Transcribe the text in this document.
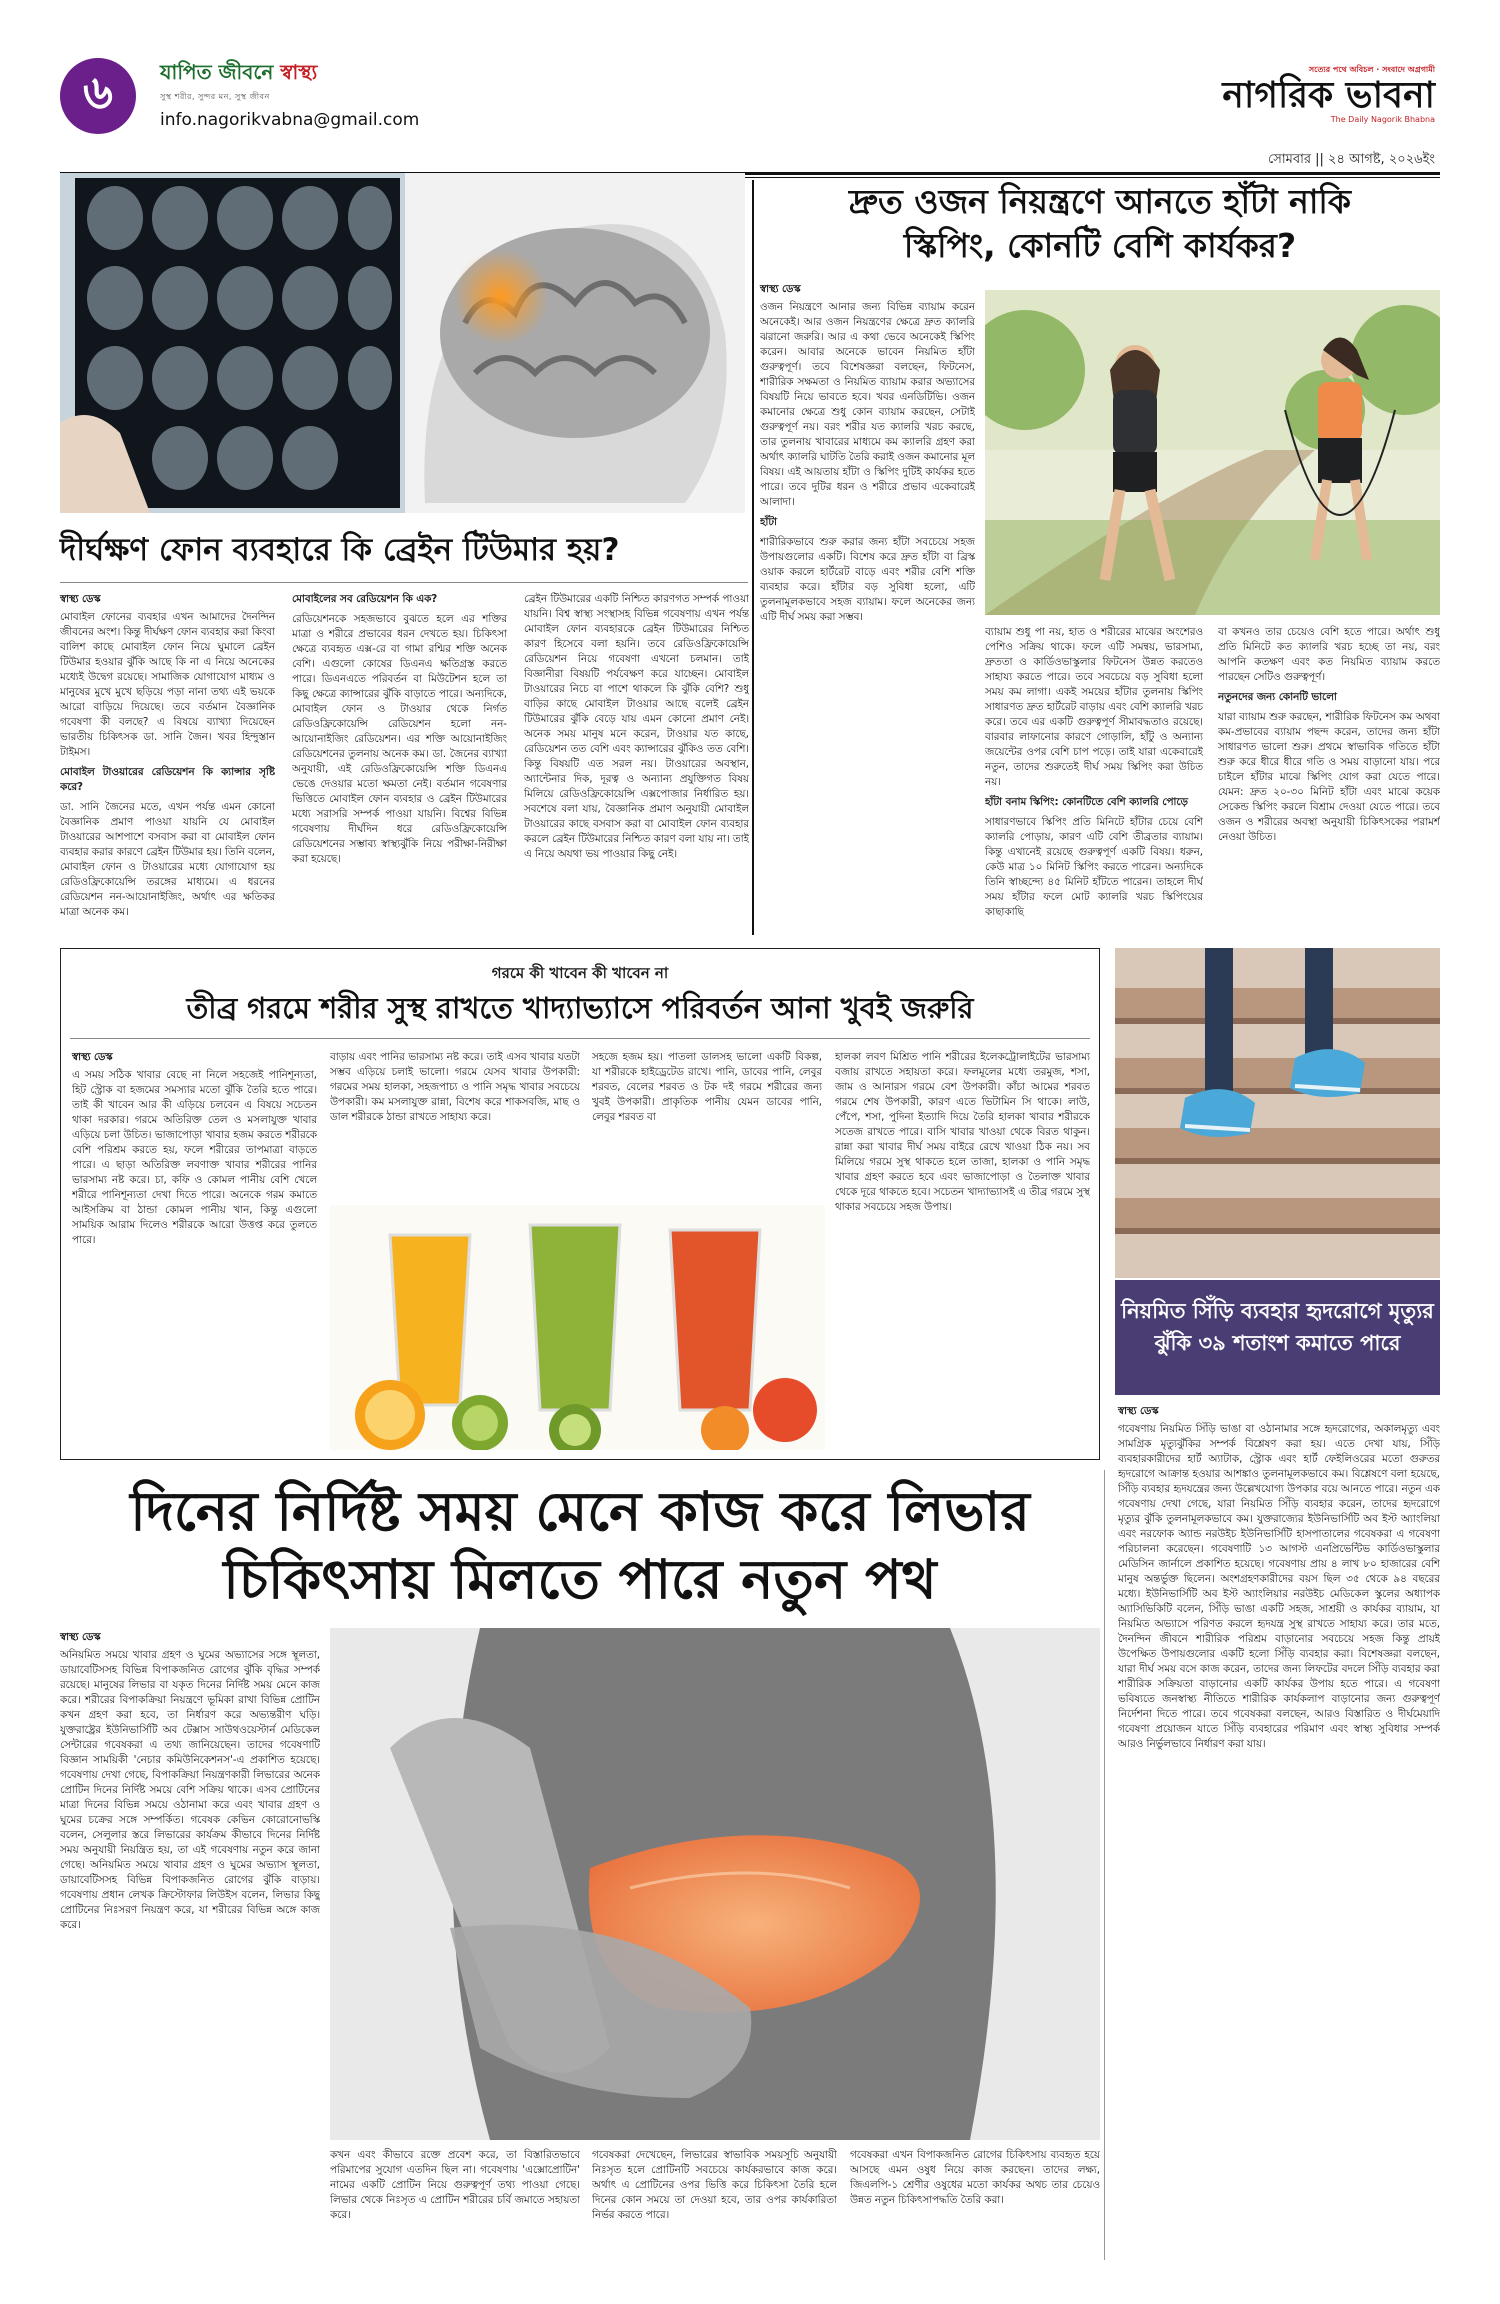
৬	যাপিত জীবনে স্বাস্থ্য
সুস্থ শরীর, সুন্দর মন, সুস্থ জীবন
info.nagorikvabna@gmail.com
সত্যের পথে অবিচল · সংবাদে অগ্রগামী
নাগরিক ভাবনা
The Daily Nagorik Bhabna
সোমবার || ২৪ আগষ্ট, ২০২৬ইং
দীর্ঘক্ষণ ফোন ব্যবহারে কি ব্রেইন টিউমার হয়?
স্বাস্থ্য ডেস্ক

মোবাইল ফোনের ব্যবহার এখন আমাদের দৈনন্দিন জীবনের অংশ। কিন্তু দীর্ঘক্ষণ ফোন ব্যবহার করা কিংবা বালিশ কাছে মোবাইল ফোন নিয়ে ঘুমালে ব্রেইন টিউমার হওয়ার ঝুঁকি আছে কি না এ নিয়ে অনেকের মধ্যেই উদ্বেগ রয়েছে। সামাজিক যোগাযোগ মাধ্যম ও মানুষের মুখে মুখে ছড়িয়ে পড়া নানা তথ্য এই ভয়কে আরো বাড়িয়ে দিয়েছে। তবে বর্তমান বৈজ্ঞানিক গবেষণা কী বলছে? এ বিষয়ে ব্যাখ্যা দিয়েছেন ভারতীয় চিকিৎসক ডা. সানি জৈন। খবর হিন্দুস্তান টাইমস।

মোবাইল টাওয়ারের রেডিয়েশন কি ক্যান্সার সৃষ্টি করে?

ডা. সানি জৈনের মতে, এখন পর্যন্ত এমন কোনো বৈজ্ঞানিক প্রমাণ পাওয়া যায়নি যে মোবাইল টাওয়ারের আশপাশে বসবাস করা বা মোবাইল ফোন ব্যবহার করার কারণে ব্রেইন টিউমার হয়। তিনি বলেন, মোবাইল ফোন ও টাওয়ারের মধ্যে যোগাযোগ হয় রেডিওফ্রিকোয়েন্সি তরঙ্গের মাধ্যমে। এ ধরনের রেডিয়েশন নন-আয়োনাইজিং, অর্থাৎ এর ক্ষতিকর মাত্রা অনেক কম।

মোবাইলের সব রেডিয়েশন কি এক?

রেডিয়েশনকে সহজভাবে বুঝতে হলে এর শক্তির মাত্রা ও শরীরে প্রভাবের ধরন দেখতে হয়। চিকিৎসা ক্ষেত্রে ব্যবহৃত এক্স-রে বা গামা রশ্মির শক্তি অনেক বেশি। এগুলো কোষের ডিএনএ ক্ষতিগ্রস্ত করতে পারে। ডিএনএতে পরিবর্তন বা মিউটেশন হলে তা কিছু ক্ষেত্রে ক্যান্সারের ঝুঁকি বাড়াতে পারে। অন্যদিকে, মোবাইল ফোন ও টাওয়ার থেকে নির্গত রেডিওফ্রিকোয়েন্সি রেডিয়েশন হলো নন-আয়োনাইজিং রেডিয়েশন। এর শক্তি আয়োনাইজিং রেডিয়েশনের তুলনায় অনেক কম। ডা. জৈনের ব্যাখ্যা অনুযায়ী, এই রেডিওফ্রিকোয়েন্সি শক্তি ডিএনএ ভেঙে দেওয়ার মতো ক্ষমতা নেই। বর্তমান গবেষণার ভিত্তিতে মোবাইল ফোন ব্যবহার ও ব্রেইন টিউমারের মধ্যে সরাসরি সম্পর্ক পাওয়া যায়নি। বিশ্বের বিভিন্ন গবেষণায় দীর্ঘদিন ধরে রেডিওফ্রিকোয়েন্সি রেডিয়েশনের সম্ভাব্য স্বাস্থ্যঝুঁকি নিয়ে পরীক্ষা-নিরীক্ষা করা হয়েছে।

ব্রেইন টিউমারের একটি নিশ্চিত কারণগত সম্পর্ক পাওয়া যায়নি। বিশ্ব স্বাস্থ্য সংস্থাসহ বিভিন্ন গবেষণায় এখন পর্যন্ত মোবাইল ফোন ব্যবহারকে ব্রেইন টিউমারের নিশ্চিত কারণ হিসেবে বলা হয়নি। তবে রেডিওফ্রিকোয়েন্সি রেডিয়েশন নিয়ে গবেষণা এখনো চলমান। তাই বিজ্ঞানীরা বিষয়টি পর্যবেক্ষণ করে যাচ্ছেন। মোবাইল টাওয়ারের নিচে বা পাশে থাকলে কি ঝুঁকি বেশি? শুধু বাড়ির কাছে মোবাইল টাওয়ার আছে বলেই ব্রেইন টিউমারের ঝুঁকি বেড়ে যায় এমন কোনো প্রমাণ নেই। অনেক সময় মানুষ মনে করেন, টাওয়ার যত কাছে, রেডিয়েশন তত বেশি এবং ক্যান্সারের ঝুঁকিও তত বেশি। কিন্তু বিষয়টি এত সরল নয়। টাওয়ারের অবস্থান, অ্যান্টেনার দিক, দূরত্ব ও অন্যান্য প্রযুক্তিগত বিষয় মিলিয়ে রেডিওফ্রিকোয়েন্সি এক্সপোজার নির্ধারিত হয়। সবশেষে বলা যায়, বৈজ্ঞানিক প্রমাণ অনুযায়ী মোবাইল টাওয়ারের কাছে বসবাস করা বা মোবাইল ফোন ব্যবহার করলে ব্রেইন টিউমারের নিশ্চিত কারণ বলা যায় না। তাই এ নিয়ে অযথা ভয় পাওয়ার কিছু নেই।

দ্রুত ওজন নিয়ন্ত্রণে আনতে হাঁটা নাকি
স্কিপিং, কোনটি বেশি কার্যকর?
স্বাস্থ্য ডেস্ক

ওজন নিয়ন্ত্রণে আনার জন্য বিভিন্ন ব্যায়াম করেন অনেকেই। আর ওজন নিয়ন্ত্রণের ক্ষেত্রে দ্রুত ক্যালরি ঝরানো জরুরি। আর এ কথা ভেবে অনেকেই স্কিপিং করেন। আবার অনেকে ভাবেন নিয়মিত হাঁটা গুরুত্বপূর্ণ। তবে বিশেষজ্ঞরা বলছেন, ফিটনেস, শারীরিক সক্ষমতা ও নিয়মিত ব্যায়াম করার অভ্যাসের বিষয়টি নিয়ে ভাবতে হবে। খবর এনডিটিভি। ওজন কমানোর ক্ষেত্রে শুধু কোন ব্যায়াম করছেন, সেটাই গুরুত্বপূর্ণ নয়। বরং শরীর যত ক্যালরি খরচ করছে, তার তুলনায় খাবারের মাধ্যমে কম ক্যালরি গ্রহণ করা অর্থাৎ ক্যালরি ঘাটতি তৈরি করাই ওজন কমানোর মূল বিষয়। এই আয়তায় হাঁটা ও স্কিপিং দুটিই কার্যকর হতে পারে। তবে দুটির ধরন ও শরীরে প্রভাব একেবারেই আলাদা।

হাঁটা

শারীরিকভাবে শুরু করার জন্য হাঁটা সবচেয়ে সহজ উপায়গুলোর একটি। বিশেষ করে দ্রুত হাঁটা বা ব্রিস্ক ওয়াক করলে হার্টরেট বাড়ে এবং শরীর বেশি শক্তি ব্যবহার করে। হাঁটার বড় সুবিধা হলো, এটি তুলনামূলকভাবে সহজ ব্যায়াম। ফলে অনেকের জন্য এটি দীর্ঘ সময় করা সম্ভব।

ব্যায়াম শুধু পা নয়, হাত ও শরীরের মাঝের অংশেরও পেশিও সক্রিয় থাকে। ফলে এটি সমন্বয়, ভারসাম্য, দ্রুততা ও কার্ডিওভাস্কুলার ফিটনেস উন্নত করতেও সাহায্য করতে পারে। তবে সবচেয়ে বড় সুবিধা হলো সময় কম লাগা। একই সময়ের হাঁটার তুলনায় স্কিপিং সাধারণত দ্রুত হার্টরেট বাড়ায় এবং বেশি ক্যালরি খরচ করে। তবে এর একটি গুরুত্বপূর্ণ সীমাবদ্ধতাও রয়েছে। বারবার লাফানোর কারণে গোড়ালি, হাঁটু ও অন্যান্য জয়েন্টের ওপর বেশি চাপ পড়ে। তাই যারা একেবারেই নতুন, তাদের শুরুতেই দীর্ঘ সময় স্কিপিং করা উচিত নয়।

হাঁটা বনাম স্কিপিং: কোনটিতে বেশি ক্যালরি পোড়ে

সাধারণভাবে স্কিপিং প্রতি মিনিটে হাঁটার চেয়ে বেশি ক্যালরি পোড়ায়, কারণ এটি বেশি তীব্রতার ব্যায়াম। কিন্তু এখানেই রয়েছে গুরুত্বপূর্ণ একটি বিষয়। ধরুন, কেউ মাত্র ১০ মিনিট স্কিপিং করতে পারেন। অন্যদিকে তিনি স্বাচ্ছন্দ্যে ৪৫ মিনিট হাঁটতে পারেন। তাহলে দীর্ঘ সময় হাঁটার ফলে মোট ক্যালরি খরচ স্কিপিংয়ের কাছাকাছি

বা কখনও তার চেয়েও বেশি হতে পারে। অর্থাৎ শুধু প্রতি মিনিটে কত ক্যালরি খরচ হচ্ছে তা নয়, বরং আপনি কতক্ষণ এবং কত নিয়মিত ব্যায়াম করতে পারছেন সেটিও গুরুত্বপূর্ণ।

নতুনদের জন্য কোনটি ভালো

যারা ব্যায়াম শুরু করছেন, শারীরিক ফিটনেস কম অথবা কম-প্রভাবের ব্যায়াম পছন্দ করেন, তাদের জন্য হাঁটা সাধারণত ভালো শুরু। প্রথমে স্বাভাবিক গতিতে হাঁটা শুরু করে ধীরে ধীরে গতি ও সময় বাড়ানো যায়। পরে চাইলে হাঁটার মাঝে স্কিপিং যোগ করা যেতে পারে। যেমন: দ্রুত ২০-৩০ মিনিট হাঁটা এবং মাঝে কয়েক সেকেন্ড স্কিপিং করলে বিশ্রাম দেওয়া যেতে পারে। তবে ওজন ও শরীরের অবস্থা অনুযায়ী চিকিৎসকের পরামর্শ নেওয়া উচিত।

গরমে কী খাবেন কী খাবেন না
তীব্র গরমে শরীর সুস্থ রাখতে খাদ্যাভ্যাসে পরিবর্তন আনা খুবই জরুরি
স্বাস্থ্য ডেস্ক

এ সময় সঠিক খাবার বেছে না নিলে সহজেই পানিশূন্যতা, হিট স্ট্রোক বা হজমের সমস্যার মতো ঝুঁকি তৈরি হতে পারে। তাই কী খাবেন আর কী এড়িয়ে চলবেন এ বিষয়ে সচেতন থাকা দরকার। গরমে অতিরিক্ত তেল ও মসলাযুক্ত খাবার এড়িয়ে চলা উচিত। ভাজাপোড়া খাবার হজম করতে শরীরকে বেশি পরিশ্রম করতে হয়, ফলে শরীরের তাপমাত্রা বাড়তে পারে। এ ছাড়া অতিরিক্ত লবণাক্ত খাবার শরীরের পানির ভারসাম্য নষ্ট করে। চা, কফি ও কোমল পানীয় বেশি খেলে শরীরে পানিশূন্যতা দেখা দিতে পারে। অনেকে গরম কমাতে আইসক্রিম বা ঠান্ডা কোমল পানীয় খান, কিন্তু এগুলো সাময়িক আরাম দিলেও শরীরকে আরো উত্তপ্ত করে তুলতে পারে।

বাড়ায় এবং পানির ভারসাম্য নষ্ট করে। তাই এসব খাবার যতটা সম্ভব এড়িয়ে চলাই ভালো। গরমে যেসব খাবার উপকারী: গরমের সময় হালকা, সহজপাচ্য ও পানি সমৃদ্ধ খাবার সবচেয়ে উপকারী। কম মসলাযুক্ত রান্না, বিশেষ করে শাকসবজি, মাছ ও ডাল শরীরকে ঠান্ডা রাখতে সাহায্য করে।

সহজে হজম হয়। পাতলা ডালসহ ভালো একটি বিকল্প, যা শরীরকে হাইড্রেটেড রাখে। পানি, ডাবের পানি, লেবুর শরবত, বেলের শরবত ও টক দই গরমে শরীরের জন্য খুবই উপকারী। প্রাকৃতিক পানীয় যেমন ডাবের পানি, লেবুর শরবত বা

হালকা লবণ মিশ্রিত পানি শরীরের ইলেকট্রোলাইটের ভারসাম্য বজায় রাখতে সহায়তা করে। ফলমূলের মধ্যে তরমুজ, শসা, জাম ও আনারস গরমে বেশ উপকারী। কাঁচা আমের শরবত গরমে শেষ উপকারী, কারণ এতে ভিটামিন সি থাকে। লাউ, পেঁপে, শসা, পুদিনা ইত্যাদি দিয়ে তৈরি হালকা খাবার শরীরকে সতেজ রাখতে পারে। বাসি খাবার খাওয়া থেকে বিরত থাকুন। রান্না করা খাবার দীর্ঘ সময় বাইরে রেখে খাওয়া ঠিক নয়। সব মিলিয়ে গরমে সুস্থ থাকতে হলে তাজা, হালকা ও পানি সমৃদ্ধ খাবার গ্রহণ করতে হবে এবং ভাজাপোড়া ও তৈলাক্ত খাবার থেকে দূরে থাকতে হবে। সচেতন খাদ্যাভ্যাসই এ তীব্র গরমে সুস্থ থাকার সবচেয়ে সহজ উপায়।

নিয়মিত সিঁড়ি ব্যবহার হৃদরোগে মৃত্যুর
ঝুঁকি ৩৯ শতাংশ কমাতে পারে
স্বাস্থ্য ডেস্ক

গবেষণায় নিয়মিত সিঁড়ি ভাঙা বা ওঠানামার সঙ্গে হৃদরোগের, অকালমৃত্যু এবং সামগ্রিক মৃত্যুঝুঁকির সম্পর্ক বিশ্লেষণ করা হয়। এতে দেখা যায়, সিঁড়ি ব্যবহারকারীদের হার্ট অ্যাটাক, স্ট্রোক এবং হার্ট ফেইলিওরের মতো গুরুতর হৃদরোগে আক্রান্ত হওয়ার আশঙ্কাও তুলনামূলকভাবে কম। বিশ্লেষণে বলা হয়েছে, সিঁড়ি ব্যবহার হৃদযন্ত্রের জন্য উল্লেখযোগ্য উপকার বয়ে আনতে পারে। নতুন এক গবেষণায় দেখা গেছে, যারা নিয়মিত সিঁড়ি ব্যবহার করেন, তাদের হৃদরোগে মৃত্যুর ঝুঁকি তুলনামূলকভাবে কম। যুক্তরাজ্যের ইউনিভার্সিটি অব ইস্ট অ্যাংলিয়া এবং নরফোক অ্যান্ড নরউইচ ইউনিভার্সিটি হাসপাতালের গবেষকরা এ গবেষণা পরিচালনা করেছেন। গবেষণাটি ১৩ আগস্ট এনপ্ৰিভেন্টিভ কার্ডিওভাস্কুলার মেডিসিন জার্নালে প্রকাশিত হয়েছে। গবেষণায় প্রায় ৪ লাখ ৮০ হাজারের বেশি মানুষ অন্তর্ভুক্ত ছিলেন। অংশগ্রহণকারীদের বয়স ছিল ৩৫ থেকে ৯৪ বছরের মধ্যে। ইউনিভার্সিটি অব ইস্ট অ্যাংলিয়ার নরউইচ মেডিকেল স্কুলের অধ্যাপক অ্যাসিভিকিটি বলেন, সিঁড়ি ভাঙা একটি সহজ, সাশ্রয়ী ও কার্যকর ব্যায়াম, যা নিয়মিত অভ্যাসে পরিণত করলে হৃদযন্ত্র সুস্থ রাখতে সাহায্য করে। তার মতে, দৈনন্দিন জীবনে শারীরিক পরিশ্রম বাড়ানোর সবচেয়ে সহজ কিন্তু প্রায়ই উপেক্ষিত উপায়গুলোর একটি হলো সিঁড়ি ব্যবহার করা। বিশেষজ্ঞরা বলছেন, যারা দীর্ঘ সময় বসে কাজ করেন, তাদের জন্য লিফটের বদলে সিঁড়ি ব্যবহার করা শারীরিক সক্রিয়তা বাড়ানোর একটি কার্যকর উপায় হতে পারে। এ গবেষণা ভবিষ্যতে জনস্বাস্থ্য নীতিতে শারীরিক কার্যকলাপ বাড়ানোর জন্য গুরুত্বপূর্ণ নির্দেশনা দিতে পারে। তবে গবেষকরা বলছেন, আরও বিস্তারিত ও দীর্ঘমেয়াদি গবেষণা প্রয়োজন যাতে সিঁড়ি ব্যবহারের পরিমাণ এবং স্বাস্থ্য সুবিধার সম্পর্ক আরও নির্ভুলভাবে নির্ধারণ করা যায়।

দিনের নির্দিষ্ট সময় মেনে কাজ করে লিভার
চিকিৎসায় মিলতে পারে নতুন পথ
স্বাস্থ্য ডেস্ক

অনিয়মিত সময়ে খাবার গ্রহণ ও ঘুমের অভ্যাসের সঙ্গে স্থূলতা, ডায়াবেটিসসহ বিভিন্ন বিপাকজনিত রোগের ঝুঁকি বৃদ্ধির সম্পর্ক রয়েছে। মানুষের লিভার বা যকৃত দিনের নির্দিষ্ট সময় মেনে কাজ করে। শরীরের বিপাকক্রিয়া নিয়ন্ত্রণে ভূমিকা রাখা বিভিন্ন প্রোটিন কখন গ্রহণ করা হবে, তা নির্ধারণ করে অভ্যন্তরীণ ঘড়ি। যুক্তরাষ্ট্রের ইউনিভার্সিটি অব টেক্সাস সাউথওয়েস্টার্ন মেডিকেল সেন্টারের গবেষকরা এ তথ্য জানিয়েছেন। তাদের গবেষণাটি বিজ্ঞান সাময়িকী 'নেচার কমিউনিকেশনস'-এ প্রকাশিত হয়েছে। গবেষণায় দেখা গেছে, বিপাকক্রিয়া নিয়ন্ত্রণকারী লিভারের অনেক প্রোটিন দিনের নির্দিষ্ট সময়ে বেশি সক্রিয় থাকে। এসব প্রোটিনের মাত্রা দিনের বিভিন্ন সময়ে ওঠানামা করে এবং খাবার গ্রহণ ও ঘুমের চক্রের সঙ্গে সম্পর্কিত। গবেষক কেভিন কোরোনোভস্কি বলেন, সেলুলার স্তরে লিভারের কার্যক্রম কীভাবে দিনের নির্দিষ্ট সময় অনুযায়ী নিয়ন্ত্রিত হয়, তা এই গবেষণায় নতুন করে জানা গেছে। অনিয়মিত সময়ে খাবার গ্রহণ ও ঘুমের অভ্যাস স্থূলতা, ডায়াবেটিসসহ বিভিন্ন বিপাকজনিত রোগের ঝুঁকি বাড়ায়। গবেষণায় প্রধান লেখক ক্রিস্টোফার লিউইস বলেন, লিভার কিছু প্রোটিনের নিঃসরণ নিয়ন্ত্রণ করে, যা শরীরের বিভিন্ন অঙ্গে কাজ করে।

কখন এবং কীভাবে রক্তে প্রবেশ করে, তা বিস্তারিতভাবে পরিমাপের সুযোগ এতদিন ছিল না। গবেষণায় 'এক্সোপ্রোটিন' নামের একটি প্রোটিন নিয়ে গুরুত্বপূর্ণ তথ্য পাওয়া গেছে। লিভার থেকে নিঃসৃত এ প্রোটিন শরীরের চর্বি জমাতে সহায়তা করে।

গবেষকরা দেখেছেন, লিভারের স্বাভাবিক সময়সূচি অনুযায়ী নিঃসৃত হলে প্রোটিনটি সবচেয়ে কার্যকরভাবে কাজ করে। অর্থাৎ এ প্রোটিনের ওপর ভিত্তি করে চিকিৎসা তৈরি হলে দিনের কোন সময়ে তা দেওয়া হবে, তার ওপর কার্যকারিতা নির্ভর করতে পারে।

গবেষকরা এখন বিপাকজনিত রোগের চিকিৎসায় ব্যবহৃত হয়ে আসছে এমন ওষুধ নিয়ে কাজ করছেন। তাদের লক্ষ্য, জিএলপি-১ শ্রেণীর ওষুধের মতো কার্যকর অথচ তার চেয়েও উন্নত নতুন চিকিৎসাপদ্ধতি তৈরি করা।
